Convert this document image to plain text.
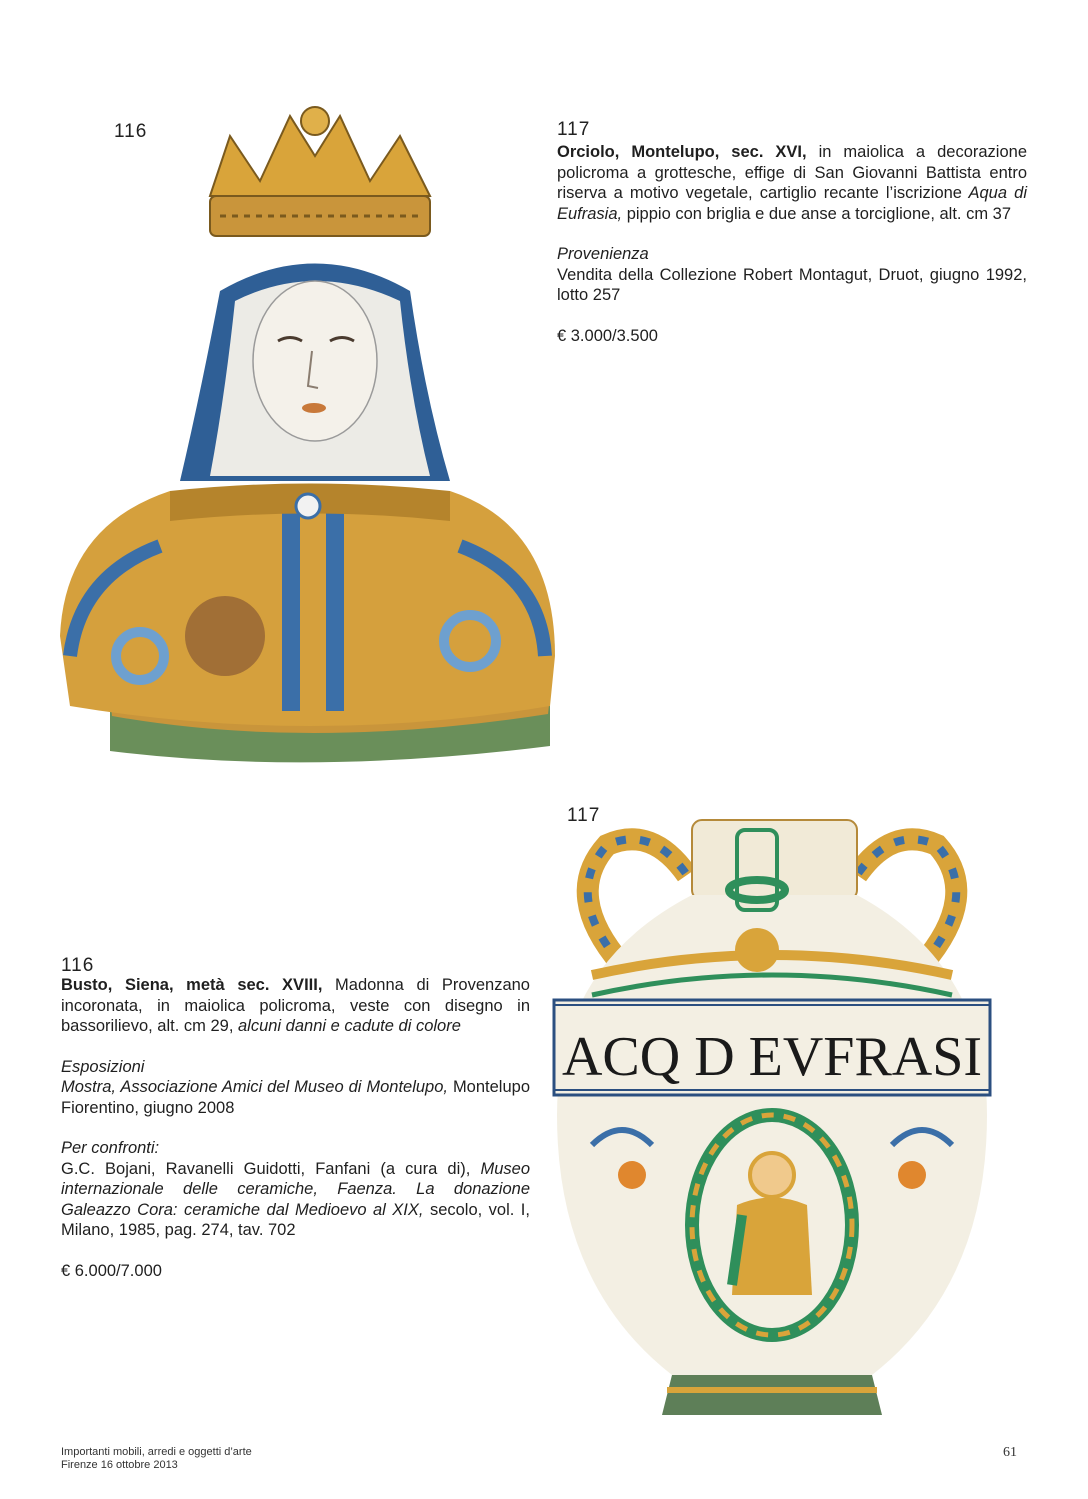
116	117

Orciolo, Montelupo, sec. XVI, in maiolica a decorazione policroma a grottesche, effige di San Giovanni Battista entro riserva a motivo vegetale, cartiglio recante l’iscrizione Aqua di Eufrasia, pippio con briglia e due anse a torciglione, alt. cm 37

Provenienza
Vendita della Collezione Robert Montagut, Druot, giugno 1992, lotto 257

€ 3.000/3.500

117
ACQ D EVFRASI
116

Busto, Siena, metà sec. XVIII, Madonna di Provenzano incoronata, in maiolica policroma, veste con disegno in bassorilievo, alt. cm 29, alcuni danni e cadute di colore

Esposizioni
Mostra, Associazione Amici del Museo di Montelupo, Montelupo Fiorentino, giugno 2008

Per confronti:
G.C. Bojani, Ravanelli Guidotti, Fanfani (a cura di), Museo internazionale delle ceramiche, Faenza. La donazione Galeazzo Cora: ceramiche dal Medioevo al XIX, secolo, vol. I, Milano, 1985, pag. 274, tav. 702

€ 6.000/7.000

Importanti mobili, arredi e oggetti d’arte
Firenze 16 ottobre 2013
61
